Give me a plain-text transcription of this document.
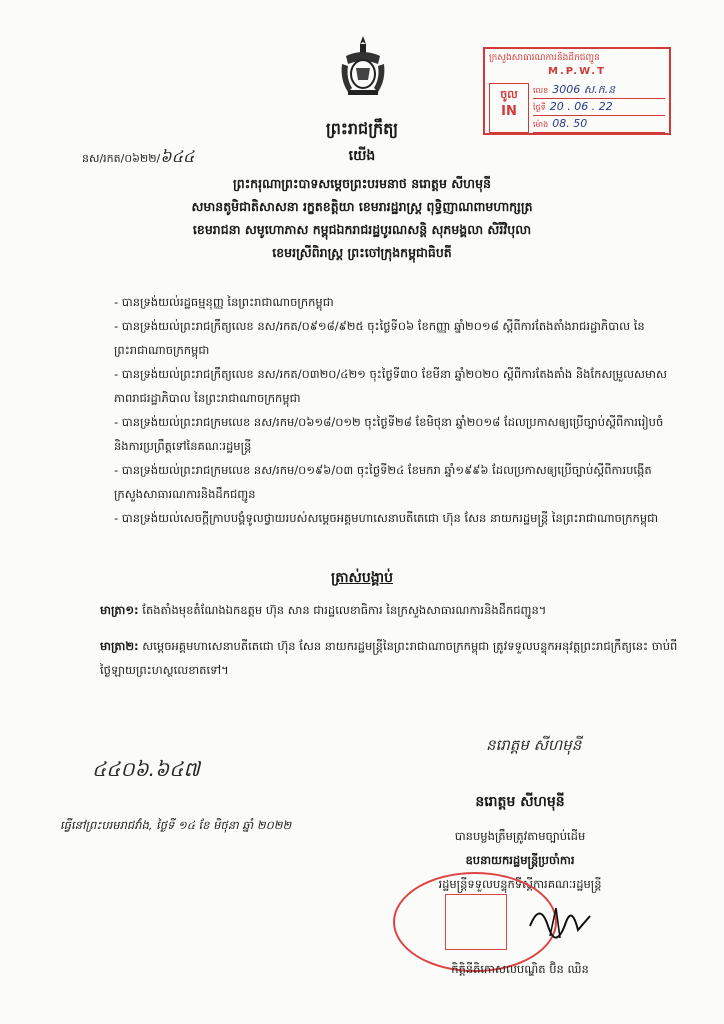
ក្រសួងសាធារណការនិងដឹកជញ្ជូន
M.P.W.T
ចូល
IN
លេខ 3006 ស.ក.ន
ថ្ងៃទី 20 . 06 . 22
ម៉ោង 08. 50
ព្រះរាជក្រឹត្យ
នស/រកត/០៦២២/៦៤៤	យើង
ព្រះករុណាព្រះបាទសម្តេចព្រះបរមនាថ នរោត្តម សីហមុនី
សមានតូមិជាតិសាសនា រក្ខតខត្តិយា ខេមរារដ្ឋរាស្ត្រ ពុទ្ធិញាណពាមហាក្សត្រ
ខេមរាជនា សមូហោភាស កម្ពុជឯករាជរដ្ឋបូរណសន្តិ សុភមង្គលា សិរីវិបុលា
ខេមរស្រីពិរាស្ត្រ ព្រះចៅក្រុងកម្ពុជាធិបតី
- បានទ្រង់យល់រដ្ឋធម្មនុញ្ញ នៃព្រះរាជាណាចក្រកម្ពុជា
- បានទ្រង់យល់ព្រះរាជក្រឹត្យលេខ នស/រកត/០៩១៨/៩២៥ ចុះថ្ងៃទី០៦ ខែកញ្ញា ឆ្នាំ២០១៨ ស្តីពីការតែងតាំងរាជរដ្ឋាភិបាល នៃព្រះរាជាណាចក្រកម្ពុជា
- បានទ្រង់យល់ព្រះរាជក្រឹត្យលេខ នស/រកត/០៣២០/៤២១ ចុះថ្ងៃទី៣០ ខែមីនា ឆ្នាំ២០២០ ស្តីពីការតែងតាំង និងកែសម្រួលសមាសភាពរាជរដ្ឋាភិបាល នៃព្រះរាជាណាចក្រកម្ពុជា
- បានទ្រង់យល់ព្រះរាជក្រមលេខ នស/រកម/០៦១៨/០១២ ចុះថ្ងៃទី២៨ ខែមិថុនា ឆ្នាំ២០១៨ ដែលប្រកាសឲ្យប្រើច្បាប់ស្តីពីការរៀបចំ និងការប្រព្រឹត្តទៅនៃគណៈរដ្ឋមន្ត្រី
- បានទ្រង់យល់ព្រះរាជក្រមលេខ នស/រកម/០១៩៦/០៣ ចុះថ្ងៃទី២៤ ខែមករា ឆ្នាំ១៩៩៦ ដែលប្រកាសឲ្យប្រើច្បាប់ស្តីពីការបង្កើតក្រសួងសាធារណការនិងដឹកជញ្ជូន
- បានទ្រង់យល់សេចក្តីក្រាបបង្គំទូលថ្វាយរបស់សម្តេចអគ្គមហាសេនាបតីតេជោ ហ៊ុន សែន នាយករដ្ឋមន្ត្រី នៃព្រះរាជាណាចក្រកម្ពុជា
ត្រាស់បង្គាប់
មាត្រា១: តែងតាំងមុខតំណែងឯកឧត្តម ហ៊ុន សាន ជារដ្ឋលេខាធិការ នៃក្រសួងសាធារណការនិងដឹកជញ្ជូន។
មាត្រា២: សម្តេចអគ្គមហាសេនាបតីតេជោ ហ៊ុន សែន នាយករដ្ឋមន្ត្រីនៃព្រះរាជាណាចក្រកម្ពុជា ត្រូវទទួលបន្ទុកអនុវត្តព្រះរាជក្រឹត្យនេះ ចាប់ពីថ្ងៃឡាយព្រះហស្ថលេខាតទៅ។
៤៤០៦.៦៤៧
នរោត្តម សីហមុនី
ធ្វើនៅព្រះបរមរាជវាំង, ថ្ងៃទី ១៤ ខែ មិថុនា ឆ្នាំ ២០២២
នរោត្តម សីហមុនី
បានបម្លងត្រឹមត្រូវតាមច្បាប់ដើម
ឧបនាយករដ្ឋមន្ត្រីប្រចាំការ
រដ្ឋមន្ត្រីទទួលបន្ទុកទីស្តីការគណៈរដ្ឋមន្ត្រី
កិត្តិនីតិកោសលបណ្ឌិត ប៊ិន ឈិន
